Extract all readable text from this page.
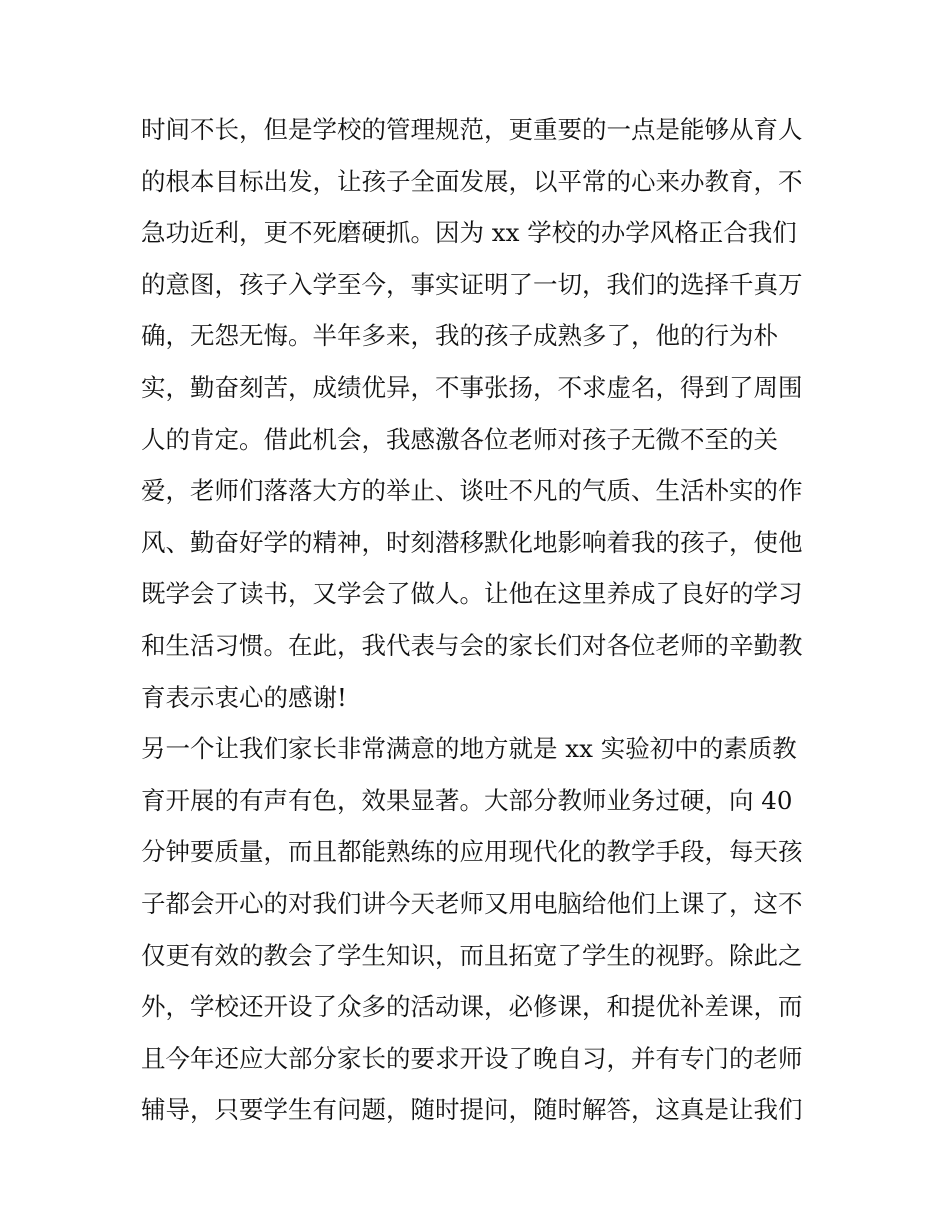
时间不长，但是学校的管理规范，更重要的一点是能够从育人
的根本目标出发，让孩子全面发展，以平常的心来办教育，不
急功近利，更不死磨硬抓。因为 xx 学校的办学风格正合我们
的意图，孩子入学至今，事实证明了一切，我们的选择千真万
确，无怨无悔。半年多来，我的孩子成熟多了，他的行为朴
实，勤奋刻苦，成绩优异，不事张扬，不求虚名，得到了周围
人的肯定。借此机会，我感激各位老师对孩子无微不至的关
爱，老师们落落大方的举止、谈吐不凡的气质、生活朴实的作
风、勤奋好学的精神，时刻潜移默化地影响着我的孩子，使他
既学会了读书，又学会了做人。让他在这里养成了良好的学习
和生活习惯。在此，我代表与会的家长们对各位老师的辛勤教
育表示衷心的感谢!
另一个让我们家长非常满意的地方就是 xx 实验初中的素质教
育开展的有声有色，效果显著。大部分教师业务过硬，向 40
分钟要质量，而且都能熟练的应用现代化的教学手段，每天孩
子都会开心的对我们讲今天老师又用电脑给他们上课了，这不
仅更有效的教会了学生知识，而且拓宽了学生的视野。除此之
外，学校还开设了众多的活动课，必修课，和提优补差课，而
且今年还应大部分家长的要求开设了晚自习，并有专门的老师
辅导，只要学生有问题，随时提问，随时解答，这真是让我们
